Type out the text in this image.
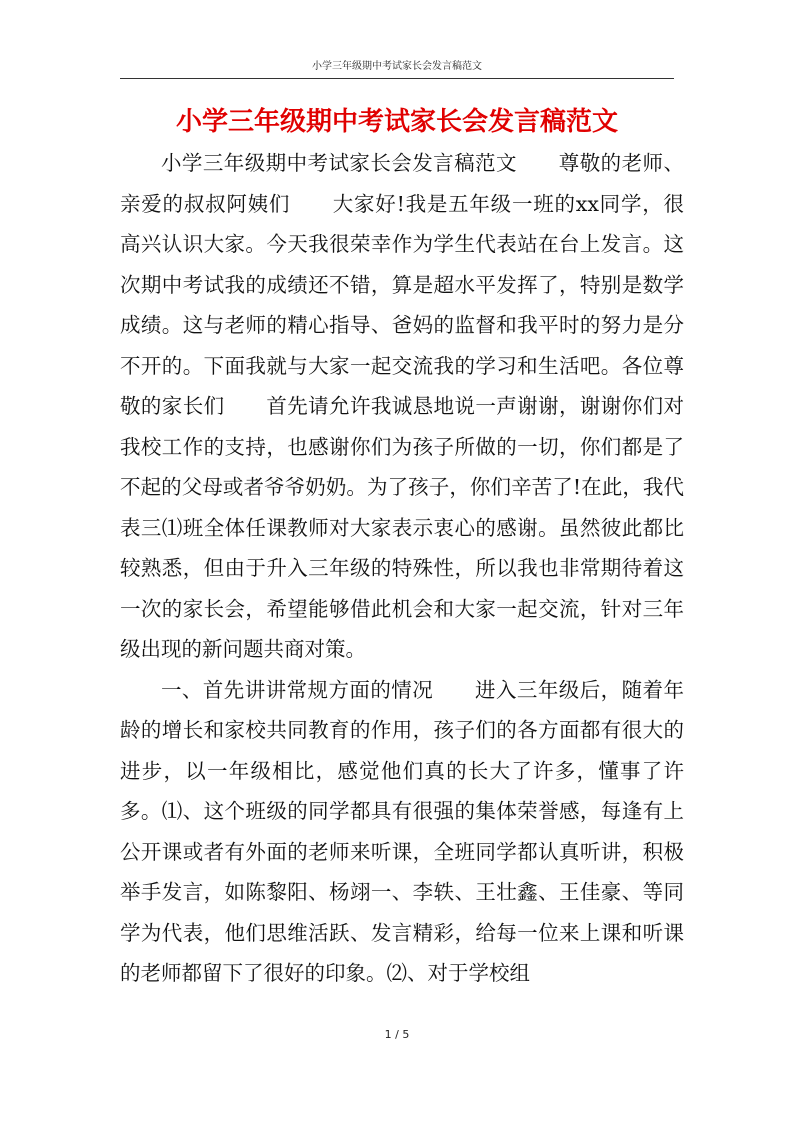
小学三年级期中考试家长会发言稿范文
小学三年级期中考试家长会发言稿范文

小学三年级期中考试家长会发言稿范文　　尊敬的老师、亲爱的叔叔阿姨们　　大家好!我是五年级一班的xx同学，很高兴认识大家。今天我很荣幸作为学生代表站在台上发言。这次期中考试我的成绩还不错，算是超水平发挥了，特别是数学成绩。这与老师的精心指导、爸妈的监督和我平时的努力是分不开的。下面我就与大家一起交流我的学习和生活吧。各位尊敬的家长们　　首先请允许我诚恳地说一声谢谢，谢谢你们对我校工作的支持，也感谢你们为孩子所做的一切，你们都是了不起的父母或者爷爷奶奶。为了孩子，你们辛苦了!在此，我代表三⑴班全体任课教师对大家表示衷心的感谢。虽然彼此都比较熟悉，但由于升入三年级的特殊性，所以我也非常期待着这一次的家长会，希望能够借此机会和大家一起交流，针对三年级出现的新问题共商对策。

一、首先讲讲常规方面的情况　　进入三年级后，随着年龄的增长和家校共同教育的作用，孩子们的各方面都有很大的进步，以一年级相比，感觉他们真的长大了许多，懂事了许多。⑴、这个班级的同学都具有很强的集体荣誉感，每逢有上公开课或者有外面的老师来听课，全班同学都认真听讲，积极举手发言，如陈黎阳、杨翊一、李轶、王壮鑫、王佳豪、等同学为代表，他们思维活跃、发言精彩，给每一位来上课和听课的老师都留下了很好的印象。⑵、对于学校组

1 / 5
